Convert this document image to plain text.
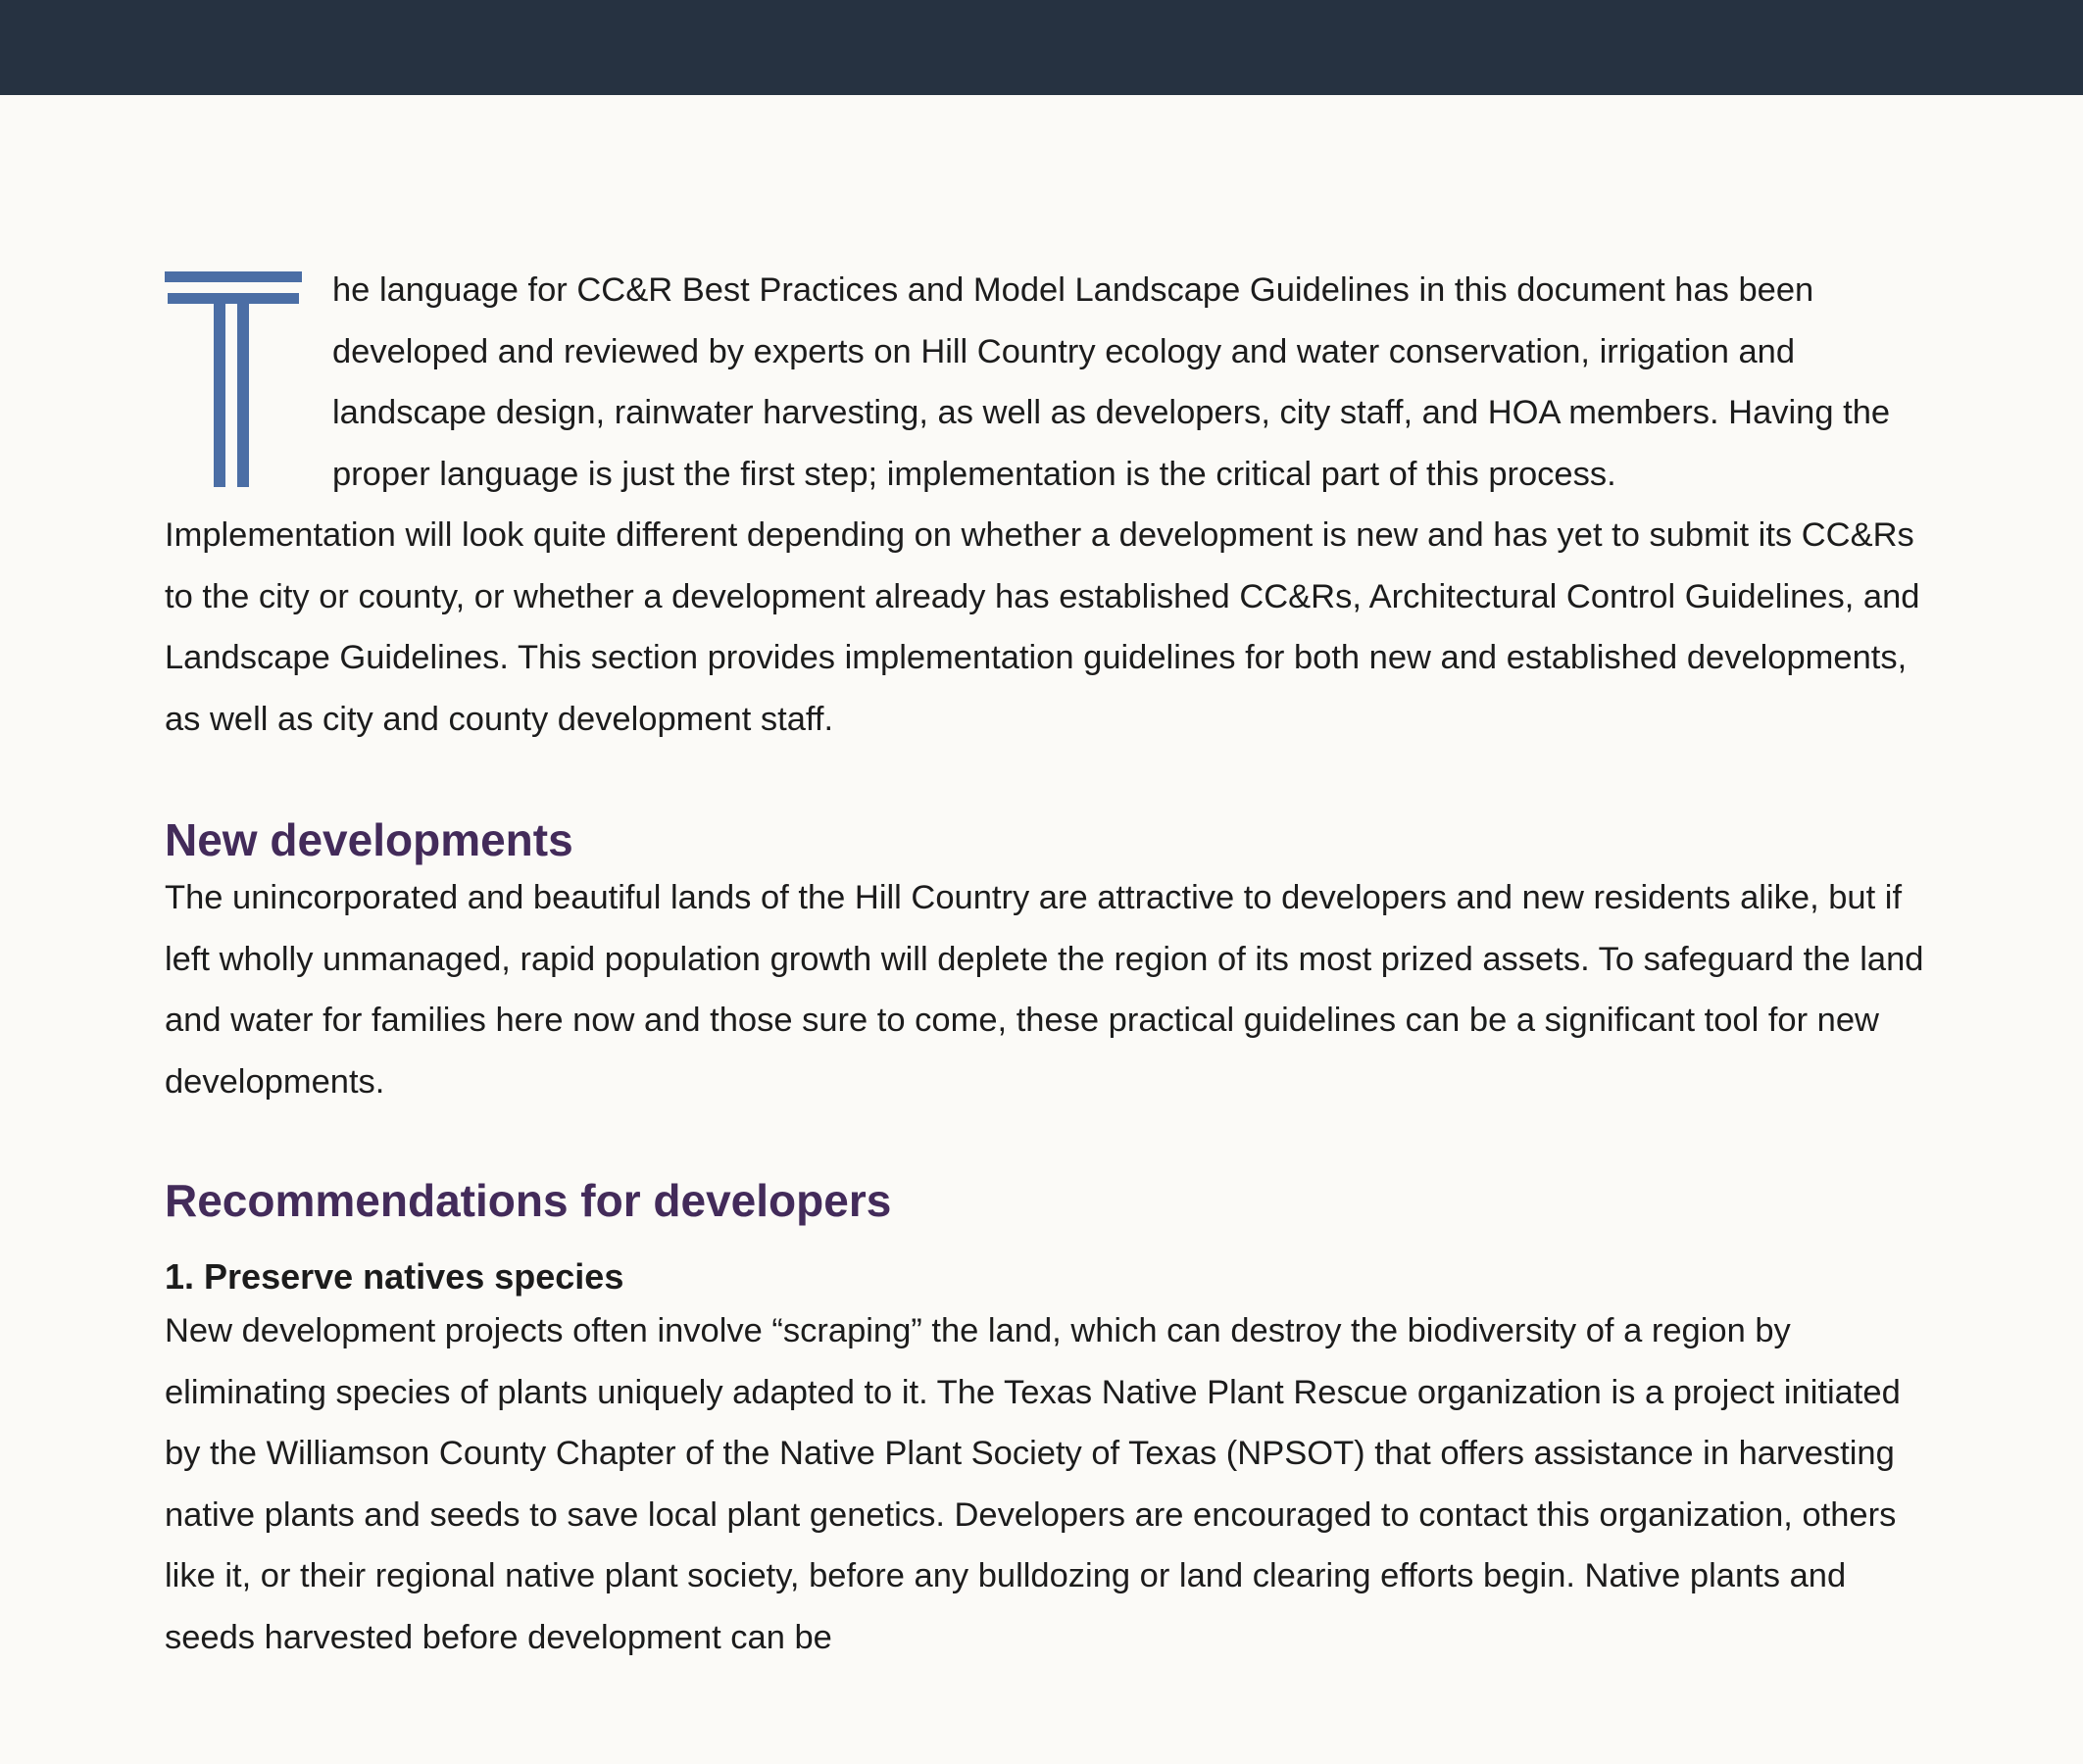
he language for CC&R Best Practices and Model Landscape Guidelines in this document has been developed and reviewed by experts on Hill Country ecology and water conservation, irrigation and landscape design, rainwater harvesting, as well as developers, city staff, and HOA members. Having the proper language is just the first step; implementation is the critical part of this process.

Implementation will look quite different depending on whether a development is new and has yet to submit its CC&Rs to the city or county, or whether a development already has established CC&Rs, Architectural Control Guidelines, and Landscape Guidelines. This section provides implementation guidelines for both new and established developments, as well as city and county development staff.

New developments

The unincorporated and beautiful lands of the Hill Country are attractive to developers and new residents alike, but if left wholly unmanaged, rapid population growth will deplete the region of its most prized assets. To safeguard the land and water for families here now and those sure to come, these practical guidelines can be a significant tool for new developments.

Recommendations for developers
1. Preserve natives species

New development projects often involve “scraping” the land, which can destroy the biodiversity of a region by eliminating species of plants uniquely adapted to it. The Texas Native Plant Rescue organization is a project initiated by the Williamson County Chapter of the Native Plant Society of Texas (NPSOT) that offers assistance in harvesting native plants and seeds to save local plant genetics. Developers are encouraged to contact this organization, others like it, or their regional native plant society, before any bulldozing or land clearing efforts begin. Native plants and seeds harvested before development can be
